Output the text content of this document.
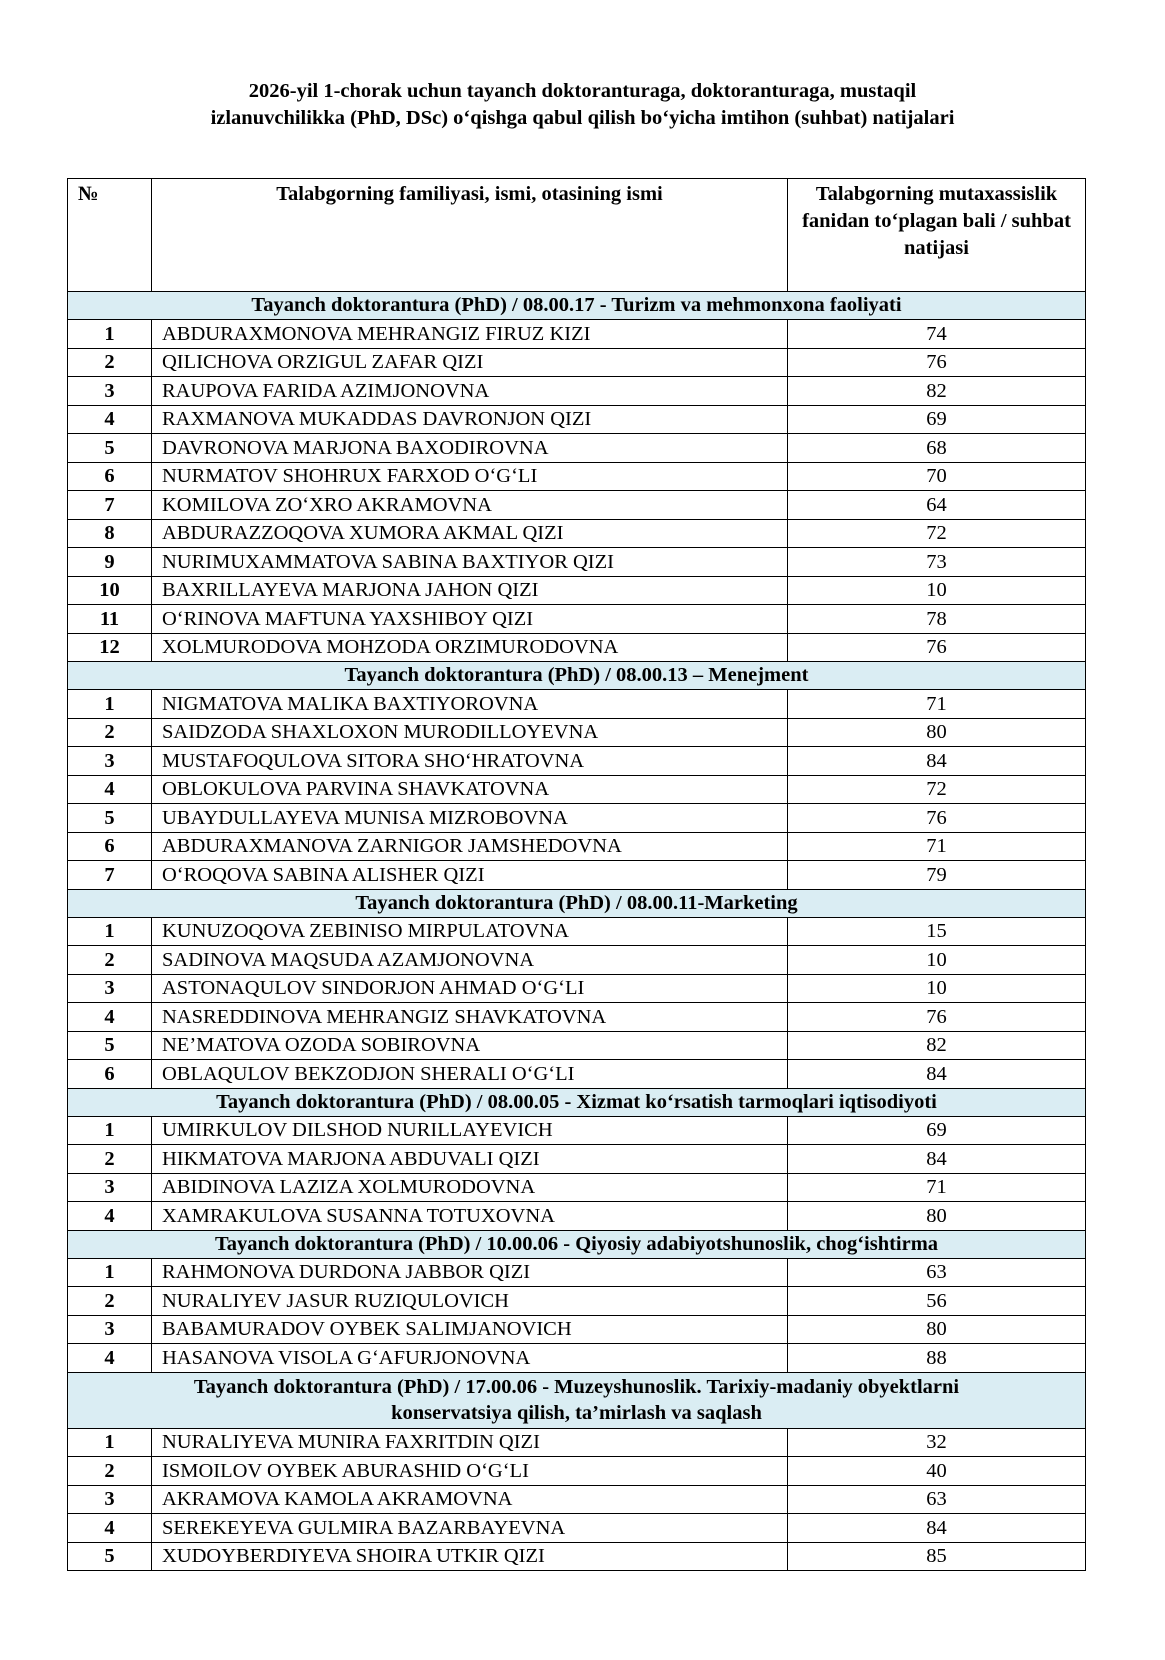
2026-yil 1-chorak uchun tayanch doktoranturaga, doktoranturaga, mustaqil
izlanuvchilikka (PhD, DSc) o‘qishga qabul qilish bo‘yicha imtihon (suhbat) natijalari
№	Talabgorning familiyasi, ismi, otasining ismi	Talabgorning mutaxassislik fanidan to‘plagan bali / suhbat natijasi

Tayanch doktorantura (PhD) / 08.00.17 - Turizm va mehmonxona faoliyati		

1	ABDURAXMONOVA MEHRANGIZ FIRUZ KIZI	74
2	QILICHOVA ORZIGUL ZAFAR QIZI	76
3	RAUPOVA FARIDA AZIMJONOVNA	82
4	RAXMANOVA MUKADDAS DAVRONJON QIZI	69
5	DAVRONOVA MARJONA BAXODIROVNA	68
6	NURMATOV SHOHRUX FARXOD O‘G‘LI	70
7	KOMILOVA ZO‘XRO AKRAMOVNA	64
8	ABDURAZZOQOVA XUMORA AKMAL QIZI	72
9	NURIMUXAMMATOVA SABINA BAXTIYOR QIZI	73
10	BAXRILLAYEVA MARJONA JAHON QIZI	10
11	O‘RINOVA MAFTUNA YAXSHIBOY QIZI	78
12	XOLMURODOVA MOHZODA ORZIMURODOVNA	76

Tayanch doktorantura (PhD) / 08.00.13 – Menejment		

1	NIGMATOVA MALIKA BAXTIYOROVNA	71
2	SAIDZODA SHAXLOXON MURODILLOYEVNA	80
3	MUSTAFOQULOVA SITORA SHO‘HRATOVNA	84
4	OBLOKULOVA PARVINA SHAVKATOVNA	72
5	UBAYDULLAYEVA MUNISA MIZROBOVNA	76
6	ABDURAXMANOVA ZARNIGOR JAMSHEDOVNA	71
7	O‘ROQOVA SABINA ALISHER QIZI	79

Tayanch doktorantura (PhD) / 08.00.11-Marketing		

1	KUNUZOQOVA ZEBINISO MIRPULATOVNA	15
2	SADINOVA MAQSUDA AZAMJONOVNA	10
3	ASTONAQULOV SINDORJON AHMAD O‘G‘LI	10
4	NASREDDINOVA MEHRANGIZ SHAVKATOVNA	76
5	NE’MATOVA OZODA SOBIROVNA	82
6	OBLAQULOV BEKZODJON SHERALI O‘G‘LI	84

Tayanch doktorantura (PhD) / 08.00.05 - Xizmat ko‘rsatish tarmoqlari iqtisodiyoti		

1	UMIRKULOV DILSHOD NURILLAYEVICH	69
2	HIKMATOVA MARJONA ABDUVALI QIZI	84
3	ABIDINOVA LAZIZA XOLMURODOVNA	71
4	XAMRAKULOVA SUSANNA TOTUXOVNA	80

Tayanch doktorantura (PhD) / 10.00.06 - Qiyosiy adabiyotshunoslik, chog‘ishtirma		

1	RAHMONOVA DURDONA JABBOR QIZI	63
2	NURALIYEV JASUR RUZIQULOVICH	56
3	BABAMURADOV OYBEK SALIMJANOVICH	80
4	HASANOVA VISOLA G‘AFURJONOVNA	88

Tayanch doktorantura (PhD) / 17.00.06 - Muzeyshunoslik. Tarixiy-madaniy obyektlarni
konservatsiya qilish, ta’mirlash va saqlash		

1	NURALIYEVA MUNIRA FAXRITDIN QIZI	32
2	ISMOILOV OYBEK ABURASHID O‘G‘LI	40
3	AKRAMOVA KAMOLA AKRAMOVNA	63
4	SEREKEYEVA GULMIRA BAZARBAYEVNA	84
5	XUDOYBERDIYEVA SHOIRA UTKIR QIZI	85
